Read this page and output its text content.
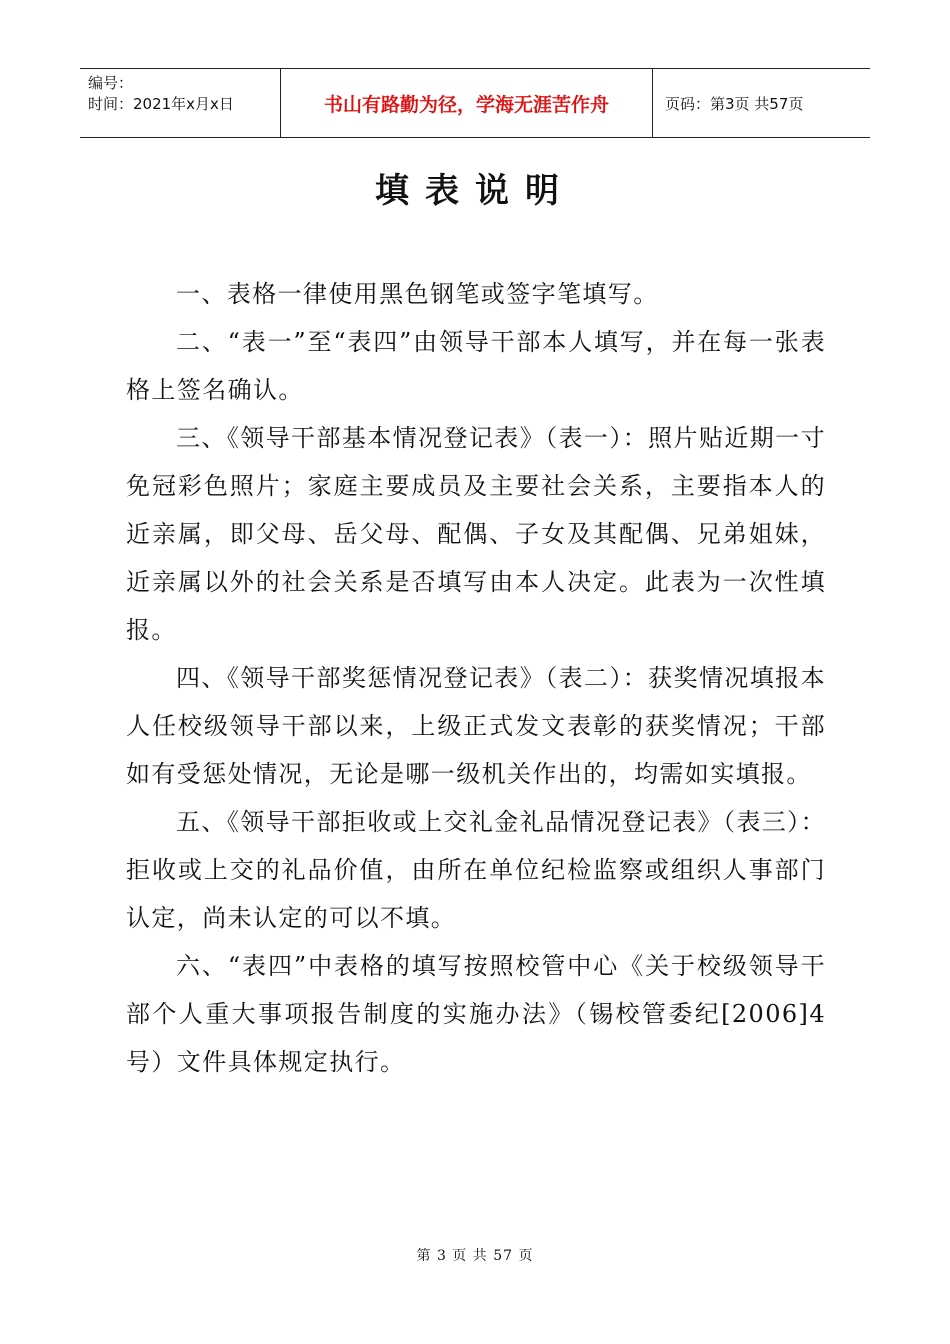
编号：
时间：2021年x月x日	书山有路勤为径，学海无涯苦作舟	页码：第3页 共57页
填表说明

一、表格一律使用黑色钢笔或签字笔填写。

二、“表一”至“表四”由领导干部本人填写，并在每一张表格上签名确认。

三、《领导干部基本情况登记表》（表一）：照片贴近期一寸免冠彩色照片；家庭主要成员及主要社会关系，主要指本人的近亲属，即父母、岳父母、配偶、子女及其配偶、兄弟姐妹，近亲属以外的社会关系是否填写由本人决定。此表为一次性填报。

四、《领导干部奖惩情况登记表》（表二）：获奖情况填报本人任校级领导干部以来，上级正式发文表彰的获奖情况；干部如有受惩处情况，无论是哪一级机关作出的，均需如实填报。

五、《领导干部拒收或上交礼金礼品情况登记表》（表三）：拒收或上交的礼品价值，由所在单位纪检监察或组织人事部门认定，尚未认定的可以不填。

六、“表四”中表格的填写按照校管中心《关于校级领导干部个人重大事项报告制度的实施办法》（锡校管委纪[2006]4号）文件具体规定执行。

第 3 页 共 57 页
